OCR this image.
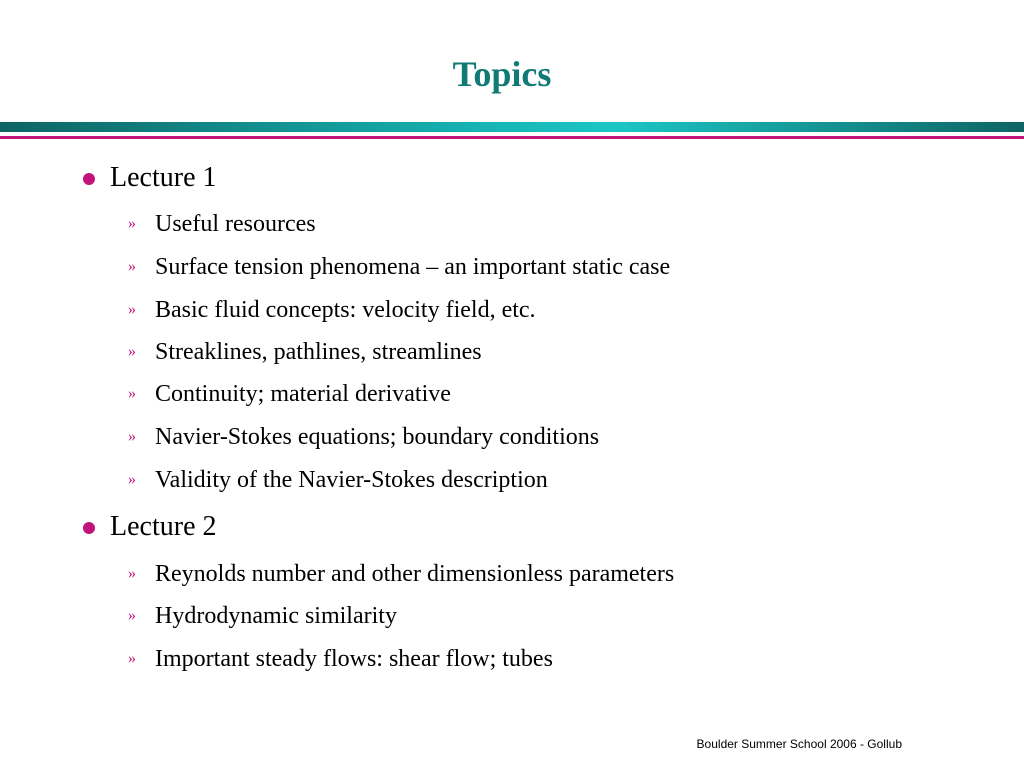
Topics
Lecture 1
» Useful resources
» Surface tension phenomena – an important static case
» Basic fluid concepts: velocity field, etc.
» Streaklines, pathlines, streamlines
» Continuity; material derivative
» Navier-Stokes equations; boundary conditions
» Validity of the Navier-Stokes description
Lecture 2
» Reynolds number and other dimensionless parameters
» Hydrodynamic similarity
» Important steady flows: shear flow; tubes
Boulder Summer School 2006 - Gollub
